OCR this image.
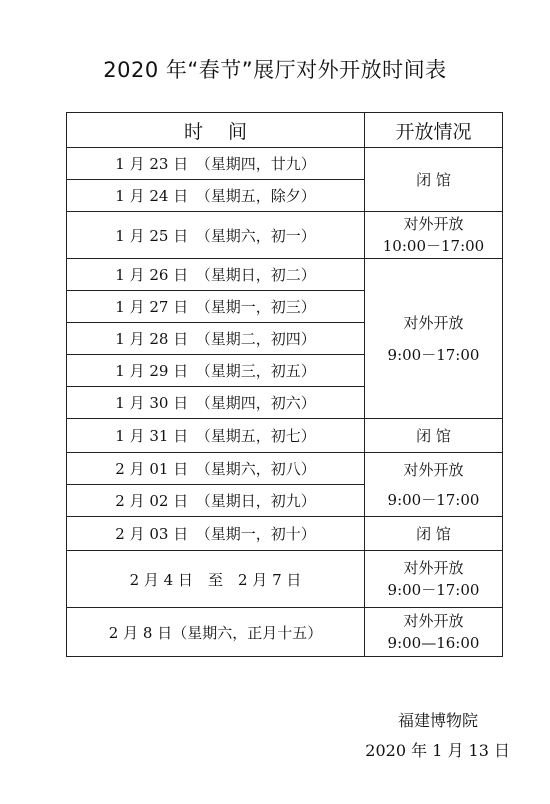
2020 年“春节”展厅对外开放时间表
时　 间	开放情况
1 月 23 日　（星期四，廿九）	闭 馆
1 月 24 日　（星期五，除夕）	
1 月 25 日　（星期六，初一）	对外开放
10:00－17:00
1 月 26 日　（星期日，初二）	对外开放
9:00－17:00
1 月 27 日　（星期一，初三）	
1 月 28 日　（星期二，初四）	
1 月 29 日　（星期三，初五）	
1 月 30 日　（星期四，初六）	
1 月 31 日　（星期五，初七）	闭 馆
2 月 01 日　（星期六，初八）	对外开放
9:00－17:00
2 月 02 日　（星期日，初九）	
2 月 03 日　（星期一，初十）	闭 馆
2 月 4 日　至　2 月 7 日	对外开放
9:00－17:00
2 月 8 日（星期六，正月十五）	对外开放
9:00—16:00
福建博物院
2020 年 1 月 13 日
